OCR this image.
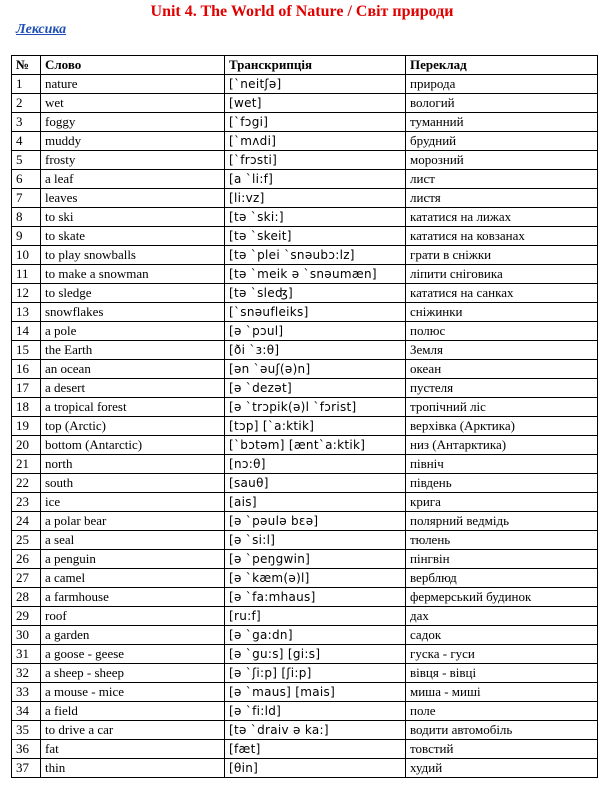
Unit 4. The World of Nature / Світ природи
Лексика
№	Слово	Транскрипція	Переклад
1	nature	[`neitʃə]	природа
2	wet	[wet]	вологий
3	foggy	[`fɔgi]	туманний
4	muddy	[`mʌdi]	брудний
5	frosty	[`frɔsti]	морозний
6	a leaf	[a `li:f]	лист
7	leaves	[li:vz]	листя
8	to ski	[tə `ski:]	кататися на лижах
9	to skate	[tə `skeit]	кататися на ковзанах
10	to play snowballs	[tə `plei `snəubɔ:lz]	грати в сніжки
11	to make a snowman	[tə `meik ə `snəumæn]	ліпити сніговика
12	to sledge	[tə `sleʤ]	кататися на санках
13	snowflakes	[`snəufleiks]	сніжинки
14	a pole	[ə `pɔul]	полюс
15	the Earth	[ði `ɜ:θ]	Земля
16	an ocean	[ən `əuʃ(ə)n]	океан
17	a desert	[ə `dezət]	пустеля
18	a tropical forest	[ə `trɔpik(ə)l `fɔrist]	тропічний ліс
19	top (Arctic)	[tɔp] [`a:ktik]	верхівка (Арктика)
20	bottom (Antarctic)	[`bɔtəm] [ænt`a:ktik]	низ (Антарктика)
21	north	[nɔ:θ]	північ
22	south	[sauθ]	південь
23	ice	[ais]	крига
24	a polar bear	[ə `pəulə bɛə]	полярний ведмідь
25	a seal	[ə `si:l]	тюлень
26	a penguin	[ə `peŋgwin]	пінгвін
27	a camel	[ə `kæm(ə)l]	верблюд
28	a farmhouse	[ə `fa:mhaus]	фермерський будинок
29	roof	[ru:f]	дах
30	a garden	[ə `ga:dn]	садок
31	a goose - geese	[ə `gu:s] [gi:s]	гуска - гуси
32	a sheep - sheep	[ə `ʃi:p] [ʃi:p]	вівця - вівці
33	a mouse - mice	[ə `maus] [mais]	миша - миші
34	a field	[ə `fi:ld]	поле
35	to drive a car	[tə `draiv ə ka:]	водити автомобіль
36	fat	[fæt]	товстий
37	thin	[θin]	худий
